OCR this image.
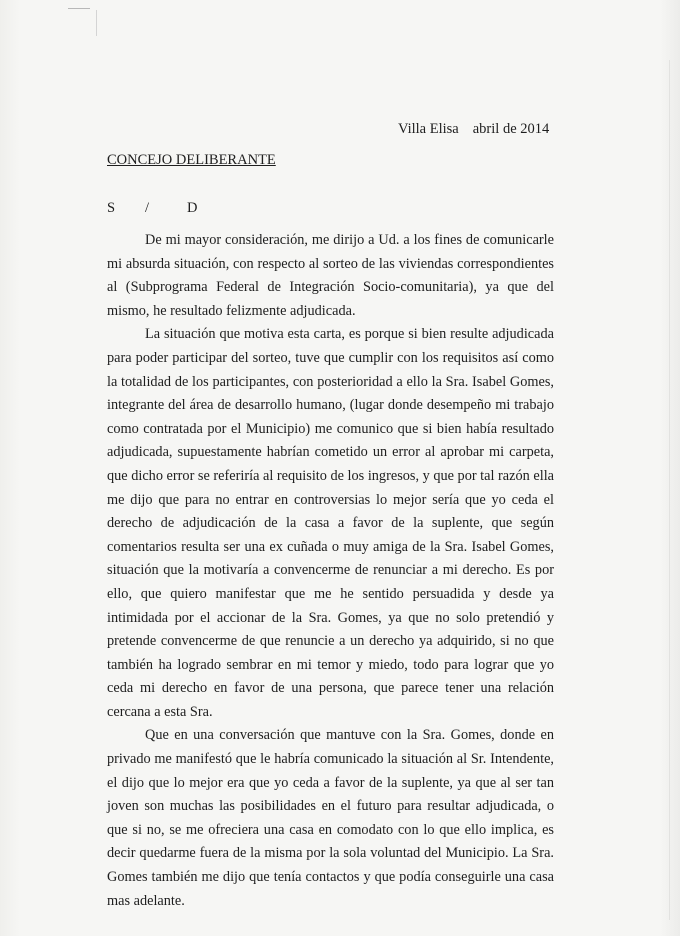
Villa Elisa abril de 2014
CONCEJO DELIBERANTE
S /	D

De mi mayor consideración, me dirijo a Ud. a los fines de comunicarle mi absurda situación, con respecto al sorteo de las viviendas correspondientes al (Subprograma Federal de Integración Socio-comunitaria), ya que del mismo, he resultado felizmente adjudicada.

La situación que motiva esta carta, es porque si bien resulte adjudicada para poder participar del sorteo, tuve que cumplir con los requisitos así como la totalidad de los participantes, con posterioridad a ello la Sra. Isabel Gomes, integrante del área de desarrollo humano, (lugar donde desempeño mi trabajo como contratada por el Municipio) me comunico que si bien había resultado adjudicada, supuestamente habrían cometido un error al aprobar mi carpeta, que dicho error se referiría al requisito de los ingresos, y que por tal razón ella me dijo que para no entrar en controversias lo mejor sería que yo ceda el derecho de adjudicación de la casa a favor de la suplente, que según comentarios resulta ser una ex cuñada o muy amiga de la Sra. Isabel Gomes, situación que la motivaría a convencerme de renunciar a mi derecho. Es por ello, que quiero manifestar que me he sentido persuadida y desde ya intimidada por el accionar de la Sra. Gomes, ya que no solo pretendió y pretende convencerme de que renuncie a un derecho ya adquirido, si no que también ha logrado sembrar en mi temor y miedo, todo para lograr que yo ceda mi derecho en favor de una persona, que parece tener una relación cercana a esta Sra.

Que en una conversación que mantuve con la Sra. Gomes, donde en privado me manifestó que le habría comunicado la situación al Sr. Intendente, el dijo que lo mejor era que yo ceda a favor de la suplente, ya que al ser tan joven son muchas las posibilidades en el futuro para resultar adjudicada, o que si no, se me ofreciera una casa en comodato con lo que ello implica, es decir quedarme fuera de la misma por la sola voluntad del Municipio. La Sra. Gomes también me dijo que tenía contactos y que podía conseguirle una casa mas adelante.
